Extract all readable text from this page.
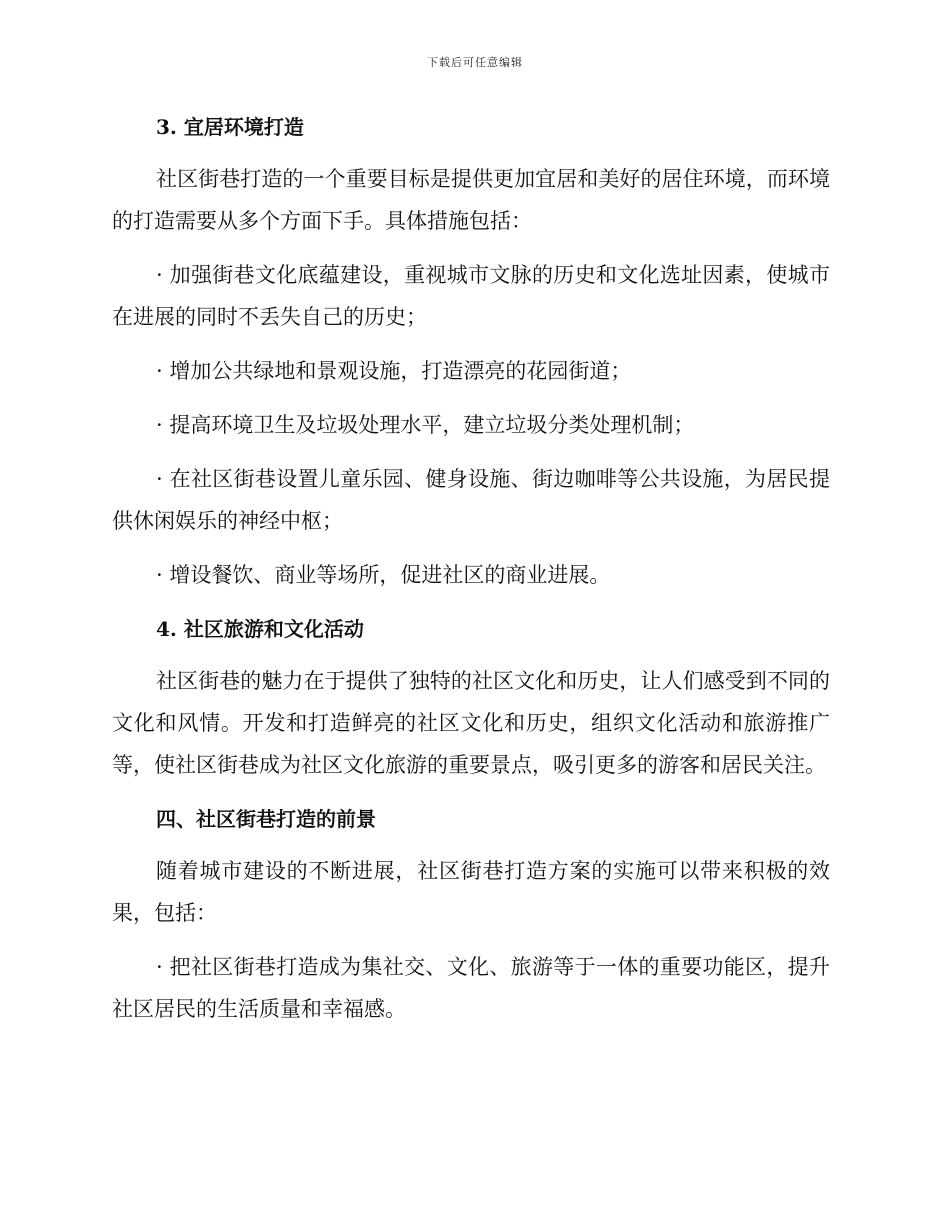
下载后可任意编辑
3. 宜居环境打造

社区街巷打造的一个重要目标是提供更加宜居和美好的居住环境，而环境的打造需要从多个方面下手。具体措施包括：

· 加强街巷文化底蕴建设，重视城市文脉的历史和文化选址因素，使城市在进展的同时不丢失自己的历史；

· 增加公共绿地和景观设施，打造漂亮的花园街道；

· 提高环境卫生及垃圾处理水平，建立垃圾分类处理机制；

· 在社区街巷设置儿童乐园、健身设施、街边咖啡等公共设施，为居民提供休闲娱乐的神经中枢；

· 增设餐饮、商业等场所，促进社区的商业进展。

4. 社区旅游和文化活动

社区街巷的魅力在于提供了独特的社区文化和历史，让人们感受到不同的文化和风情。开发和打造鲜亮的社区文化和历史，组织文化活动和旅游推广等，使社区街巷成为社区文化旅游的重要景点，吸引更多的游客和居民关注。

四、社区街巷打造的前景

随着城市建设的不断进展，社区街巷打造方案的实施可以带来积极的效果，包括：

· 把社区街巷打造成为集社交、文化、旅游等于一体的重要功能区，提升社区居民的生活质量和幸福感。
